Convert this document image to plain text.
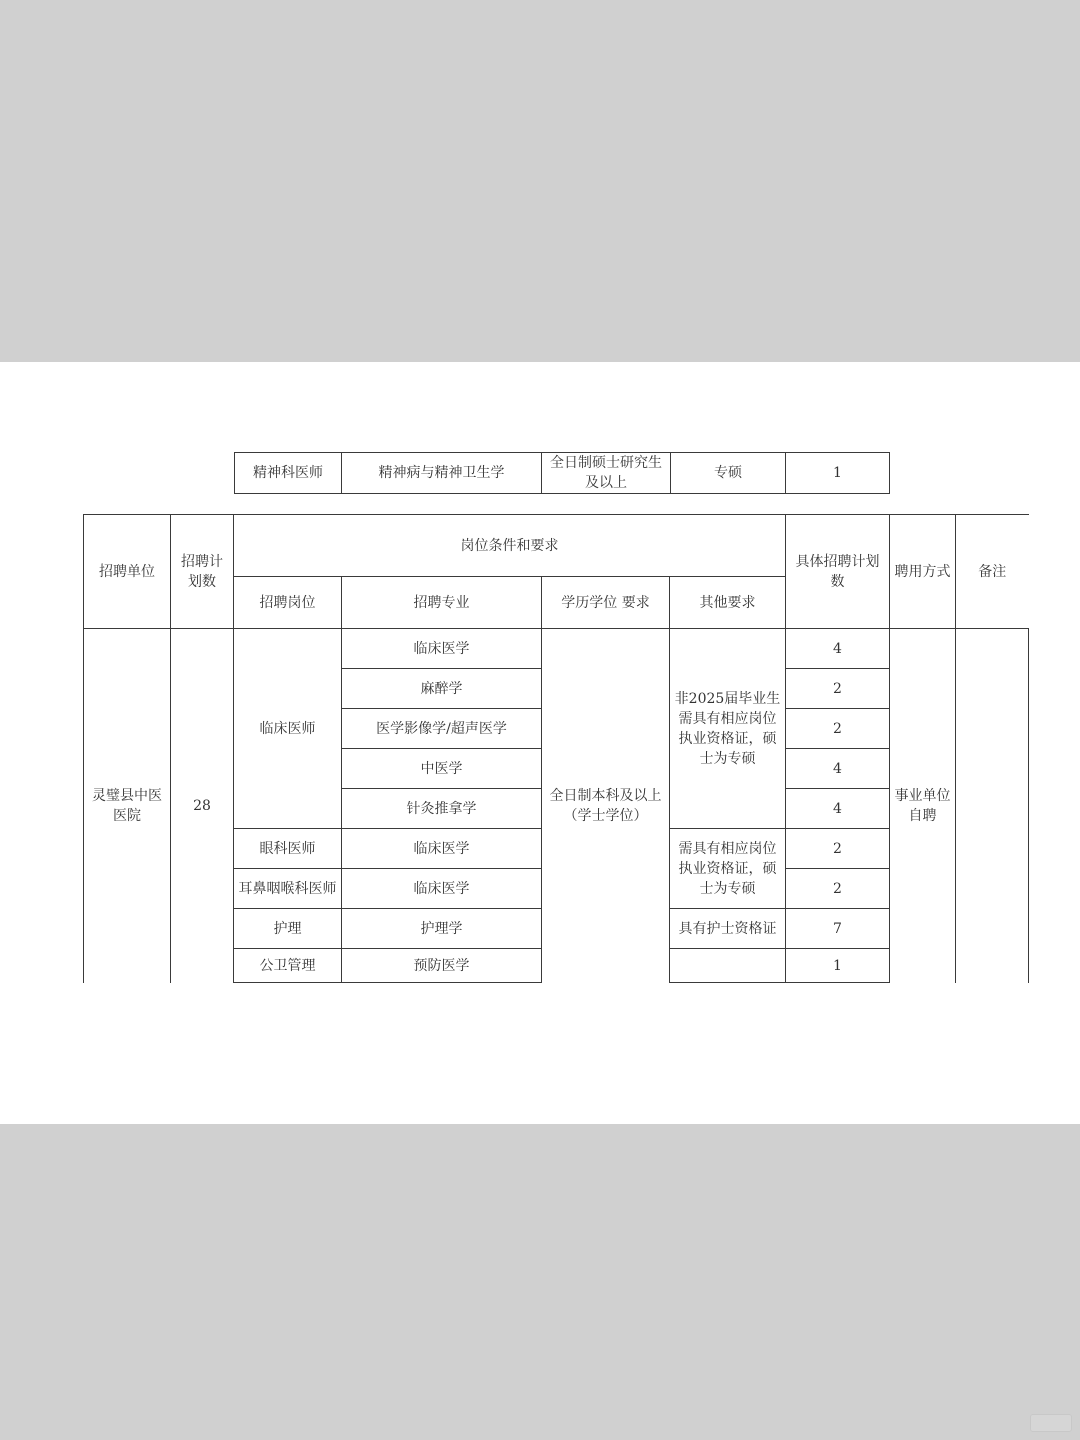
精神科医师	精神病与精神卫生学	全日制硕士研究生及以上	专硕	1
招聘单位	招聘计划数	岗位条件和要求				具体招聘计划数	聘用方式	备注
		招聘岗位	招聘专业	学历学位 要求	其他要求			
灵璧县中医医院	28	临床医师	临床医学	全日制本科及以上（学士学位）	非2025届毕业生需具有相应岗位执业资格证，硕士为专硕	4	事业单位自聘	
			麻醉学			2		
			医学影像学/超声医学			2		
			中医学			4		
			针灸推拿学			4		
		眼科医师	临床医学		需具有相应岗位执业资格证，硕士为专硕	2		
		耳鼻咽喉科医师	临床医学			2		
		护理	护理学		具有护士资格证	7		
		公卫管理	预防医学			1		
